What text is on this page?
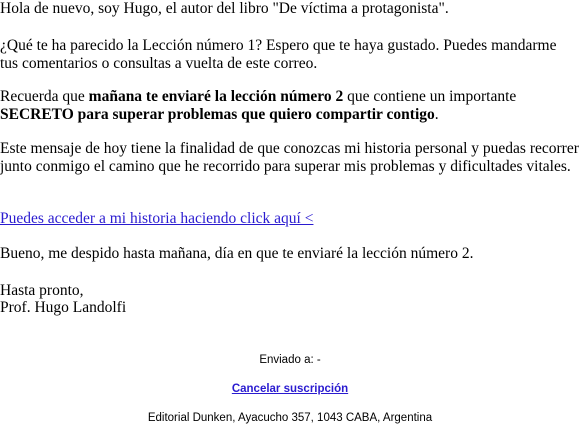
Hola de nuevo, soy Hugo, el autor del libro "De víctima a protagonista".

¿Qué te ha parecido la Lección número 1? Espero que te haya gustado. Puedes mandarme tus comentarios o consultas a vuelta de este correo.

Recuerda que mañana te enviaré la lección número 2 que contiene un importante SECRETO para superar problemas que quiero compartir contigo.

Este mensaje de hoy tiene la finalidad de que conozcas mi historia personal y puedas recorrer junto conmigo el camino que he recorrido para superar mis problemas y dificultades vitales.

Puedes acceder a mi historia haciendo click aquí <

Bueno, me despido hasta mañana, día en que te enviaré la lección número 2.

Hasta pronto,

Prof. Hugo Landolfi

Enviado a: -
Cancelar suscripción
Editorial Dunken, Ayacucho 357, 1043 CABA, Argentina
